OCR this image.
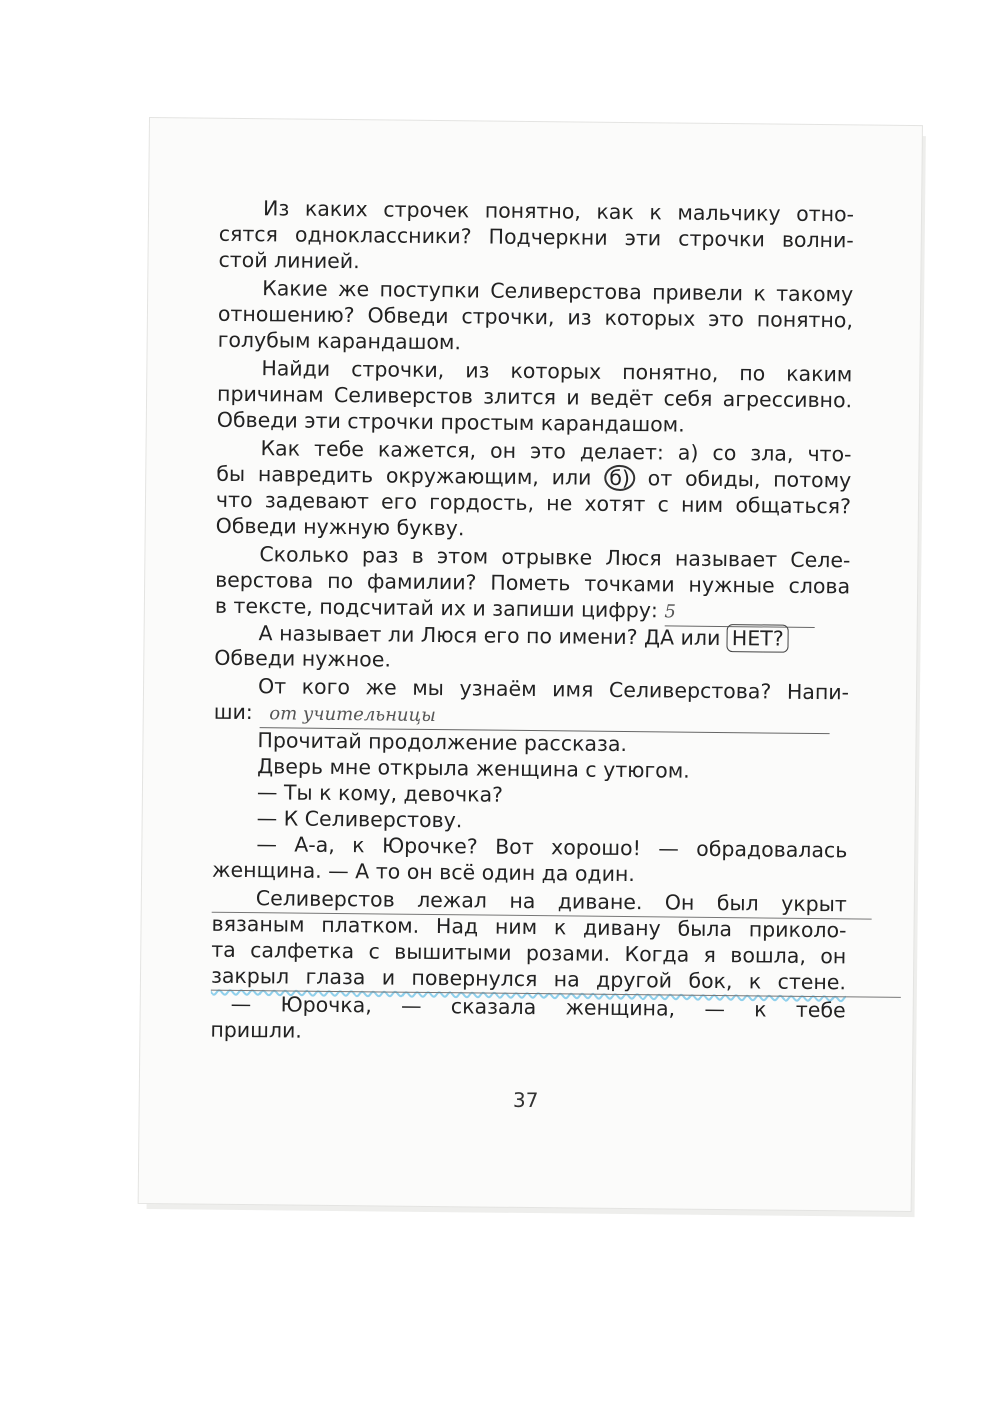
Из каких строчек понятно, как к мальчику отно-
сятся одноклассники? Подчеркни эти строчки волни-
стой линией.
Какие же поступки Селиверстова привели к такому
отношению? Обведи строчки, из которых это понятно,
голубым карандашом.
Найди строчки, из которых понятно, по каким
причинам Селиверстов злится и ведёт себя агрессивно.
Обведи эти строчки простым карандашом.
Как тебе кажется, он это делает: а) со зла, что-
бы навредить окружающим, или б) от обиды, потому
что задевают его гордость, не хотят с ним общаться?
Обведи нужную букву.
Сколько раз в этом отрывке Люся называет Селе-
верстова по фамилии? Пометь точками нужные слова
в тексте, подсчитай их и запиши цифру: 5
А называет ли Люся его по имени? ДА или НЕТ?
Обведи нужное.
От кого же мы узнаём имя Селиверстова? Напи-
ши: от учительницы
Прочитай продолжение рассказа.
Дверь мне открыла женщина с утюгом.
— Ты к кому, девочка?
— К Селиверстову.
— А-а, к Юрочке? Вот хорошо! — обрадовалась
женщина. — А то он всё один да один.
Селиверстов лежал на диване. Он был укрыт
вязаным платком. Над ним к дивану была приколо-
та салфетка с вышитыми розами. Когда я вошла, он
закрыл глаза и повернулся на другой бок, к стене.
— Юрочка, — сказала женщина, — к тебе
пришли.
37
